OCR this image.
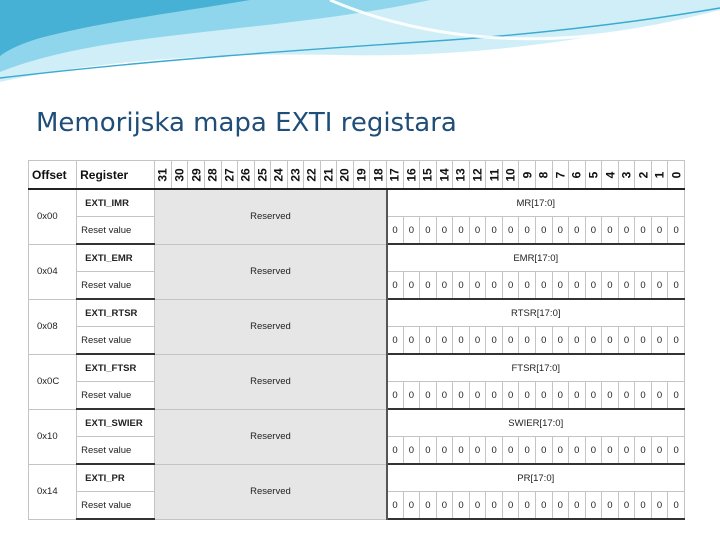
Memorijska mapa EXTI registara
Offset	Register	31	30	29	28	27	26	25	24	23	22	21	20	19	18	17	16	15	14	13	12	11	10	9	8	7	6	5	4	3	2	1	0
0x00	EXTI_IMR	Reserved														MR[17:0]																	
	Reset value															0	0	0	0	0	0	0	0	0	0	0	0	0	0	0	0	0	0
0x04	EXTI_EMR	Reserved														EMR[17:0]																	
	Reset value															0	0	0	0	0	0	0	0	0	0	0	0	0	0	0	0	0	0
0x08	EXTI_RTSR	Reserved														RTSR[17:0]																	
	Reset value															0	0	0	0	0	0	0	0	0	0	0	0	0	0	0	0	0	0
0x0C	EXTI_FTSR	Reserved														FTSR[17:0]																	
	Reset value															0	0	0	0	0	0	0	0	0	0	0	0	0	0	0	0	0	0
0x10	EXTI_SWIER	Reserved														SWIER[17:0]																	
	Reset value															0	0	0	0	0	0	0	0	0	0	0	0	0	0	0	0	0	0
0x14	EXTI_PR	Reserved														PR[17:0]																	
	Reset value															0	0	0	0	0	0	0	0	0	0	0	0	0	0	0	0	0	0
